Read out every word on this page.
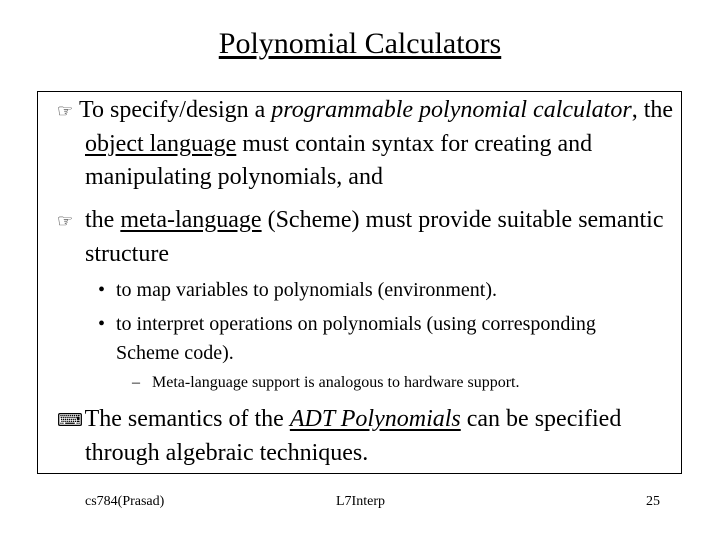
Polynomial Calculators
☞ To specify/design a programmable polynomial calculator, the object language must contain syntax for creating and manipulating polynomials, and
☞ the meta-language (Scheme) must provide suitable semantic structure
• to map variables to polynomials (environment).
• to interpret operations on polynomials (using corresponding Scheme code).
– Meta-language support is analogous to hardware support.
⌨ The semantics of the ADT Polynomials can be specified through algebraic techniques.
cs784(Prasad)	L7Interp	25
